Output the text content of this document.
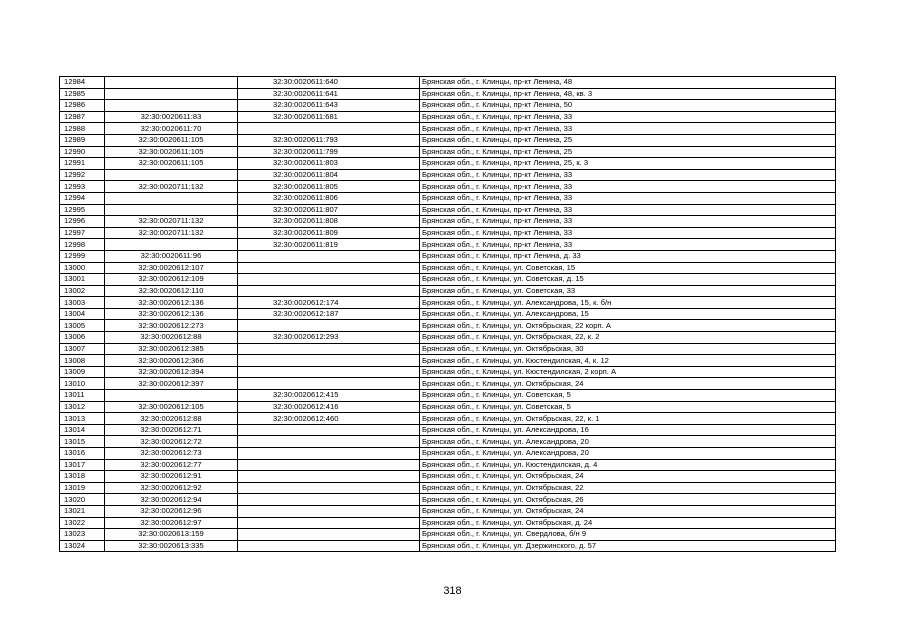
12984		32:30:0020611:640	Брянская обл., г. Клинцы, пр-кт Ленина, 48
12985		32:30:0020611:641	Брянская обл., г. Клинцы, пр-кт Ленина, 48, кв. 3
12986		32:30:0020611:643	Брянская обл., г. Клинцы, пр-кт Ленина, 50
12987	32:30:0020611:83	32:30:0020611:681	Брянская обл., г. Клинцы, пр-кт Ленина, 33
12988	32:30:0020611:70		Брянская обл., г. Клинцы, пр-кт Ленина, 33
12989	32:30:0020611:105	32:30:0020611:793	Брянская обл., г. Клинцы, пр-кт Ленина, 25
12990	32:30:0020611:105	32:30:0020611:799	Брянская обл., г. Клинцы, пр-кт Ленина, 25
12991	32:30:0020611:105	32:30:0020611:803	Брянская обл., г. Клинцы, пр-кт Ленина, 25, к. 3
12992		32:30:0020611:804	Брянская обл., г. Клинцы, пр-кт Ленина, 33
12993	32:30:0020711:132	32:30:0020611:805	Брянская обл., г. Клинцы, пр-кт Ленина, 33
12994		32:30:0020611:806	Брянская обл., г. Клинцы, пр-кт Ленина, 33
12995		32:30:0020611:807	Брянская обл., г. Клинцы, пр-кт Ленина, 33
12996	32:30:0020711:132	32:30:0020611:808	Брянская обл., г. Клинцы, пр-кт Ленина, 33
12997	32:30:0020711:132	32:30:0020611:809	Брянская обл., г. Клинцы, пр-кт Ленина, 33
12998		32:30:0020611:819	Брянская обл., г. Клинцы, пр-кт Ленина, 33
12999	32:30:0020611:96		Брянская обл., г. Клинцы, пр-кт Ленина, д. 33
13000	32:30:0020612:107		Брянская обл., г. Клинцы, ул. Советская, 15
13001	32:30:0020612:109		Брянская обл., г. Клинцы, ул. Советская, д. 15
13002	32:30:0020612:110		Брянская обл., г. Клинцы, ул. Советская, 33
13003	32:30:0020612:136	32:30:0020612:174	Брянская обл., г. Клинцы, ул. Александрова, 15, к. б/н
13004	32:30:0020612:136	32:30:0020612:187	Брянская обл., г. Клинцы, ул. Александрова, 15
13005	32:30:0020612:273		Брянская обл., г. Клинцы, ул. Октябрьская, 22 корп. А
13006	32:30:0020612:88	32:30:0020612:293	Брянская обл., г. Клинцы, ул. Октябрьская, 22, к. 2
13007	32:30:0020612:385		Брянская обл., г. Клинцы, ул. Октябрьская, 30
13008	32:30:0020612:366		Брянская обл., г. Клинцы, ул. Кюстендилская, 4, к. 12
13009	32:30:0020612:394		Брянская обл., г. Клинцы, ул. Кюстендилская, 2 корп. А
13010	32:30:0020612:397		Брянская обл., г. Клинцы, ул. Октябрьская, 24
13011		32:30:0020612:415	Брянская обл., г. Клинцы, ул. Советская, 5
13012	32:30:0020612:105	32:30:0020612:416	Брянская обл., г. Клинцы, ул. Советская, 5
13013	32:30:0020612:88	32:30:0020612:460	Брянская обл., г. Клинцы, ул. Октябрьская, 22, к. 1
13014	32:30:0020612:71		Брянская обл., г. Клинцы, ул. Александрова, 16
13015	32:30:0020612:72		Брянская обл., г. Клинцы, ул. Александрова, 20
13016	32:30:0020612:73		Брянская обл., г. Клинцы, ул. Александрова, 20
13017	32:30:0020612:77		Брянская обл., г. Клинцы, ул. Кюстендилская, д. 4
13018	32:30:0020612:91		Брянская обл., г. Клинцы, ул. Октябрьская, 24
13019	32:30:0020612:92		Брянская обл., г. Клинцы, ул. Октябрьская, 22
13020	32:30:0020612:94		Брянская обл., г. Клинцы, ул. Октябрьская, 26
13021	32:30:0020612:96		Брянская обл., г. Клинцы, ул. Октябрьская, 24
13022	32:30:0020612:97		Брянская обл., г. Клинцы, ул. Октябрьская, д. 24
13023	32:30:0020613:159		Брянская обл., г. Клинцы, ул. Свердлова, б/н 9
13024	32:30:0020613:335		Брянская обл., г. Клинцы, ул. Дзержинского, д. 57
318
